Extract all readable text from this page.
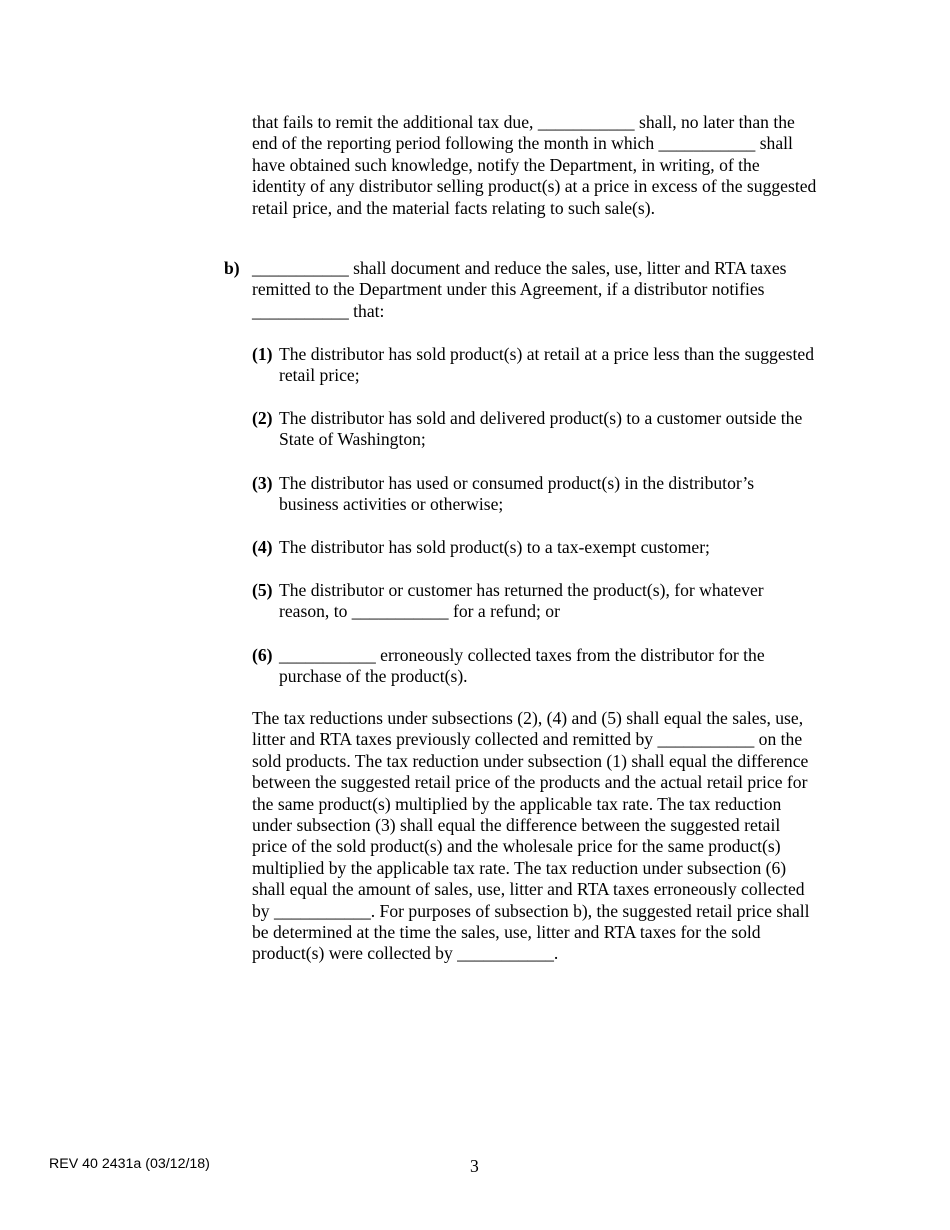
that fails to remit the additional tax due, ___________ shall, no later than the end of the reporting period following the month in which ___________ shall have obtained such knowledge, notify the Department, in writing, of the identity of any distributor selling product(s) at a price in excess of the suggested retail price, and the material facts relating to such sale(s).

b) ___________ shall document and reduce the sales, use, litter and RTA taxes remitted to the Department under this Agreement, if a distributor notifies ___________ that:
(1) The distributor has sold product(s) at retail at a price less than the suggested retail price;
(2) The distributor has sold and delivered product(s) to a customer outside the State of Washington;
(3) The distributor has used or consumed product(s) in the distributor’s business activities or otherwise;
(4) The distributor has sold product(s) to a tax-exempt customer;
(5) The distributor or customer has returned the product(s), for whatever reason, to ___________ for a refund; or
(6) ___________ erroneously collected taxes from the distributor for the purchase of the product(s).

The tax reductions under subsections (2), (4) and (5) shall equal the sales, use, litter and RTA taxes previously collected and remitted by ___________ on the sold products. The tax reduction under subsection (1) shall equal the difference between the suggested retail price of the products and the actual retail price for the same product(s) multiplied by the applicable tax rate. The tax reduction under subsection (3) shall equal the difference between the suggested retail price of the sold product(s) and the wholesale price for the same product(s) multiplied by the applicable tax rate. The tax reduction under subsection (6) shall equal the amount of sales, use, litter and RTA taxes erroneously collected by ___________. For purposes of subsection b), the suggested retail price shall be determined at the time the sales, use, litter and RTA taxes for the sold product(s) were collected by ___________.

REV 40 2431a (03/12/18)	3
